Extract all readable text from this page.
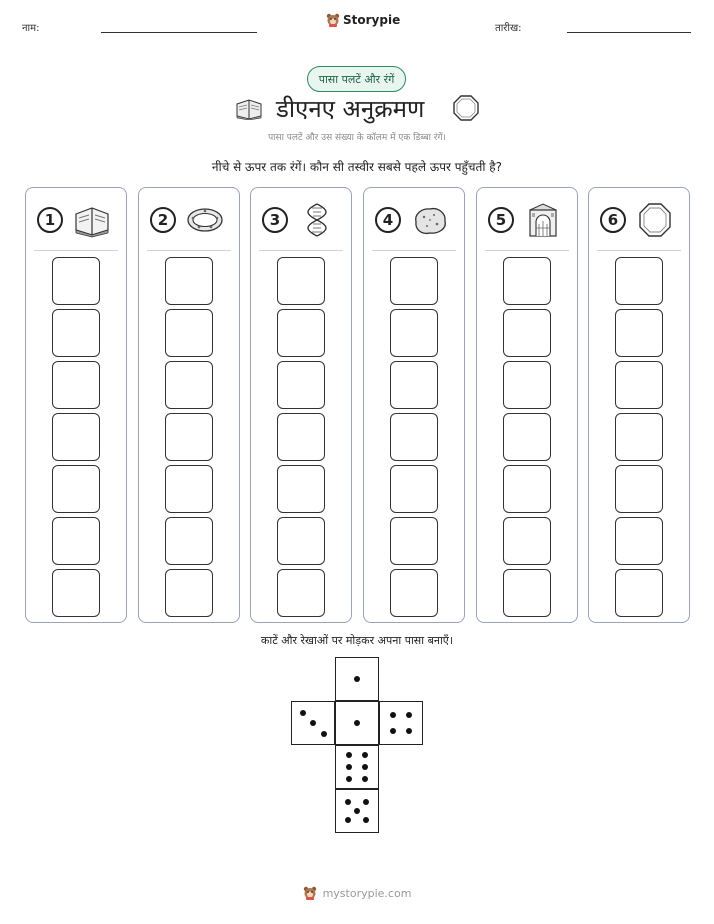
नाम:
Storypie
तारीख:
पासा पलटें और रंगें
डीएनए अनुक्रमण
पासा पलटें और उस संख्या के कॉलम में एक डिब्बा रंगें।
नीचे से ऊपर तक रंगें। कौन सी तस्वीर सबसे पहले ऊपर पहुँचती है?
1	2	3	4	5	6
काटें और रेखाओं पर मोड़कर अपना पासा बनाएँ।
mystorypie.com
